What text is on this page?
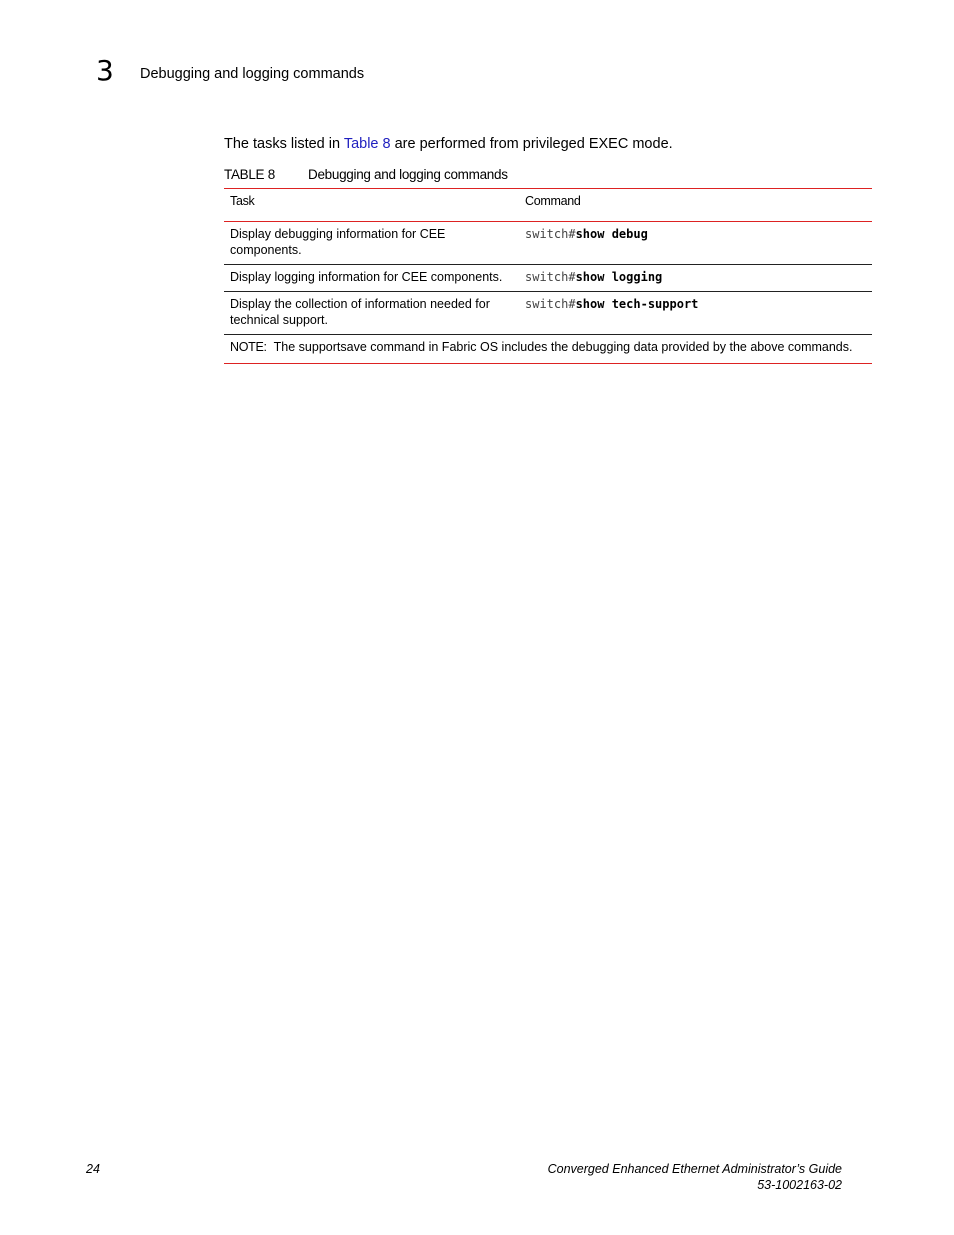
3 Debugging and logging commands

The tasks listed in Table 8 are performed from privileged EXEC mode.

TABLE 8 Debugging and logging commands
Task	Command
Display debugging information for CEE components.	switch#show debug
Display logging information for CEE components.	switch#show logging
Display the collection of information needed for technical support.	switch#show tech-support
NOTE: The supportsave command in Fabric OS includes the debugging data provided by the above commands.	
24	Converged Enhanced Ethernet Administrator’s Guide
53-1002163-02
